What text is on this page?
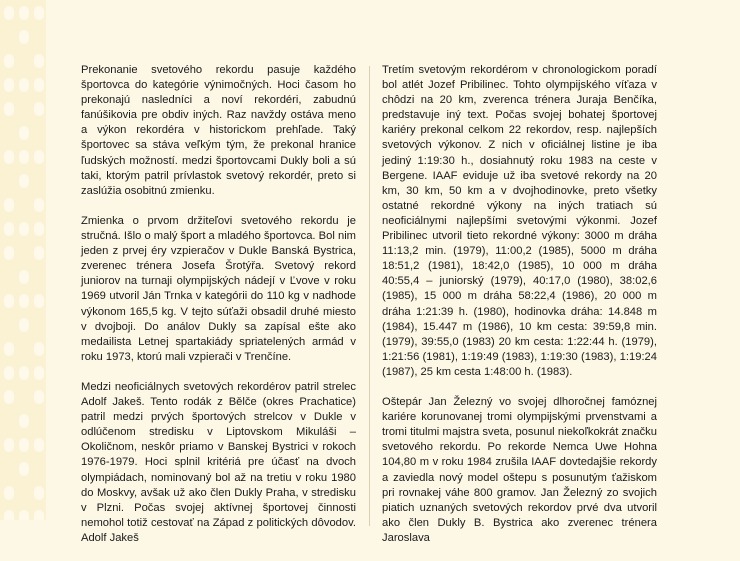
Prekonanie svetového rekordu pasuje každého športovca do kategórie výnimočných. Hoci časom ho prekonajú nasledníci a noví rekordéri, zabudnú fanúšikovia pre obdiv iných. Raz navždy ostáva meno a výkon rekordéra v historickom prehľade. Taký športovec sa stáva veľkým tým, že prekonal hranice ľudských možností. medzi športovcami Dukly boli a sú taki, ktorým patril prívlastok svetový rekordér, preto si zaslúžia osobitnú zmienku.

Zmienka o prvom držiteľovi svetového rekordu je stručná. Išlo o malý šport a mladého športovca. Bol nim jeden z prvej éry vzpieračov v Dukle Banská Bystrica, zverenec trénera Josefa Šrotýřa. Svetový rekord juniorov na turnaji olympijských nádejí v Ľvove v roku 1969 utvoril Ján Trnka v kategórii do 110 kg v nadhode výkonom 165,5 kg. V tejto súťaži obsadil druhé miesto v dvojboji. Do análov Dukly sa zapísal ešte ako medailista Letnej spartakiády spriatelených armád v roku 1973, ktorú mali vzpierači v Trenčíne.

Medzi neoficiálnych svetových rekordérov patril strelec Adolf Jakeš. Tento rodák z Bělče (okres Prachatice) patril medzi prvých športových strelcov v Dukle v odlúčenom stredisku v Liptovskom Mikuláši – Okoličnom, neskôr priamo v Banskej Bystrici v rokoch 1976-1979. Hoci splnil kritériá pre účasť na dvoch olympiádach, nominovaný bol až na tretiu v roku 1980 do Moskvy, avšak už ako člen Dukly Praha, v stredisku v Plzni. Počas svojej aktívnej športovej činnosti nemohol totiž cestovať na Západ z politických dôvodov. Adolf Jakeš

Tretím svetovým rekordérom v chronologickom poradí bol atlét Jozef Pribilinec. Tohto olympijského víťaza v chôdzi na 20 km, zverenca trénera Juraja Benčíka, predstavuje iný text. Počas svojej bohatej športovej kariéry prekonal celkom 22 rekordov, resp. najlepších svetových výkonov. Z nich v oficiálnej listine je iba jediný 1:19:30 h., dosiahnutý roku 1983 na ceste v Bergene. IAAF eviduje už iba svetové rekordy na 20 km, 30 km, 50 km a v dvojhodinovke, preto všetky ostatné rekordné výkony na iných tratiach sú neoficiálnymi najlepšími svetovými výkonmi. Jozef Pribilinec utvoril tieto rekordné výkony: 3000 m dráha 11:13,2 min. (1979), 11:00,2 (1985), 5000 m dráha 18:51,2 (1981), 18:42,0 (1985), 10 000 m dráha 40:55,4 – juniorský (1979), 40:17,0 (1980), 38:02,6 (1985), 15 000 m dráha 58:22,4 (1986), 20 000 m dráha 1:21:39 h. (1980), hodinovka dráha: 14.848 m (1984), 15.447 m (1986), 10 km cesta: 39:59,8 min. (1979), 39:55,0 (1983) 20 km cesta: 1:22:44 h. (1979), 1:21:56 (1981), 1:19:49 (1983), 1:19:30 (1983), 1:19:24 (1987), 25 km cesta 1:48:00 h. (1983).

Oštepár Jan Železný vo svojej dlhoročnej famóznej kariére korunovanej tromi olympijskými prvenstvami a tromi titulmi majstra sveta, posunul niekoľkokrát značku svetového rekordu. Po rekorde Nemca Uwe Hohna 104,80 m v roku 1984 zrušila IAAF dovtedajšie rekordy a zaviedla nový model oštepu s posunutým ťažiskom pri rovnakej váhe 800 gramov. Jan Železný zo svojich piatich uznaných svetových rekordov prvé dva utvoril ako člen Dukly B. Bystrica ako zverenec trénera Jaroslava
